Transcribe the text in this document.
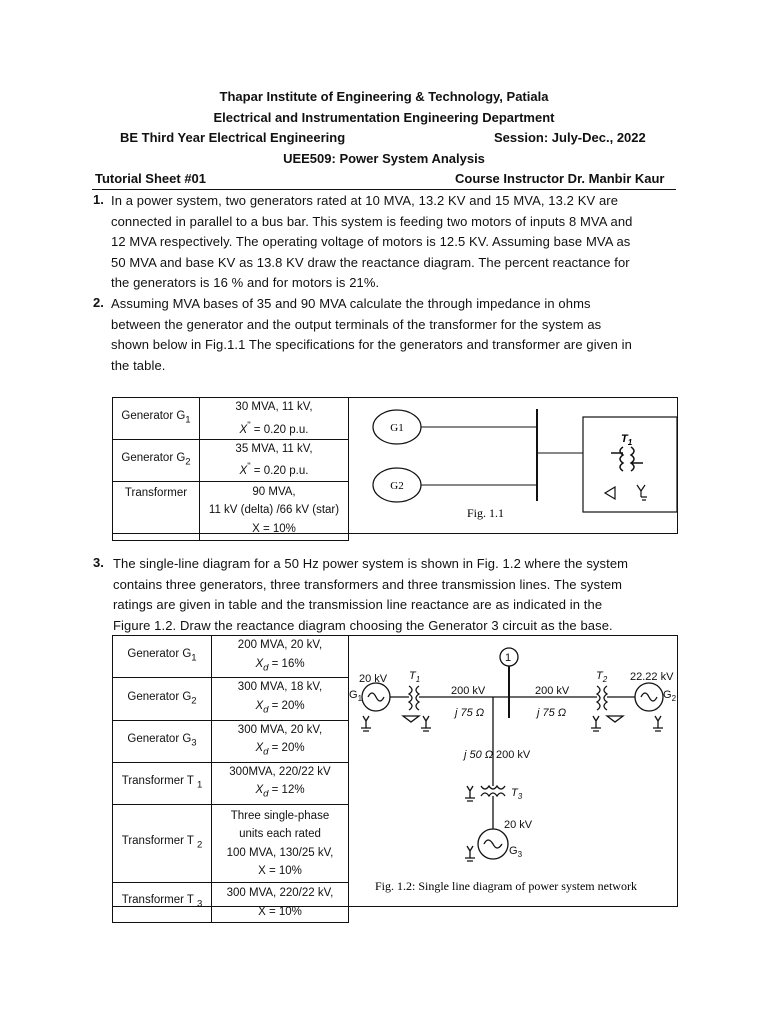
Thapar Institute of Engineering & Technology, Patiala
Electrical and Instrumentation Engineering Department
BE Third Year Electrical Engineering	Session: July-Dec., 2022
UEE509: Power System Analysis
Tutorial Sheet #01	Course Instructor Dr. Manbir Kaur
1. In a power system, two generators rated at 10 MVA, 13.2 KV and 15 MVA, 13.2 KV are
connected in parallel to a bus bar. This system is feeding two motors of inputs 8 MVA and
12 MVA respectively. The operating voltage of motors is 12.5 KV. Assuming base MVA as
50 MVA and base KV as 13.8 KV draw the reactance diagram. The percent reactance for
the generators is 16 % and for motors is 21%.
2. Assuming MVA bases of 35 and 90 MVA calculate the through impedance in ohms
between the generator and the output terminals of the transformer for the system as
shown below in Fig.1.1 The specifications for the generators and transformer are given in
the table.
Generator $G_1$	30 MVA, 11 kV,
X" = 0.20 p.u.

Generator $G_2$	35 MVA, 11 kV,
X" = 0.20 p.u.

Transformer	90 MVA,
11 kV (delta) /66 kV (star)
X = 10%
G1
G2
$T_1$
Fig. 1.1
3. The single-line diagram for a 50 Hz power system is shown in Fig. 1.2 where the system
contains three generators, three transformers and three transmission lines. The system
ratings are given in table and the transmission line reactance are as indicated in the
Figure 1.2. Draw the reactance diagram choosing the Generator 3 circuit as the base.
Generator $G_1$	200 MVA, 20 kV,
$X_d = 16\%$

Generator $G_2$	300 MVA, 18 kV,
$X_d = 20\%$

Generator $G_3$	300 MVA, 20 kV,
$X_d = 20\%$

Transformer T $_1$	300MVA, 220/22 kV
$X_d = 12\%$

Transformer T $_2$	Three single-phase
units each rated
100 MVA, 130/25 kV,
X = 10%

Transformer T $_3$	300 MVA, 220/22 kV,
X = 10%
1
20 kV
$G_1$
$T_1$
200 kV
j 75 Ω
200 kV
j 75 Ω
$T_2$ 22.22 kV
$G_2$
j 50 Ω 200 kV
$T_3$
20 kV
$G_3$
Fig. 1.2: Single line diagram of power system network
